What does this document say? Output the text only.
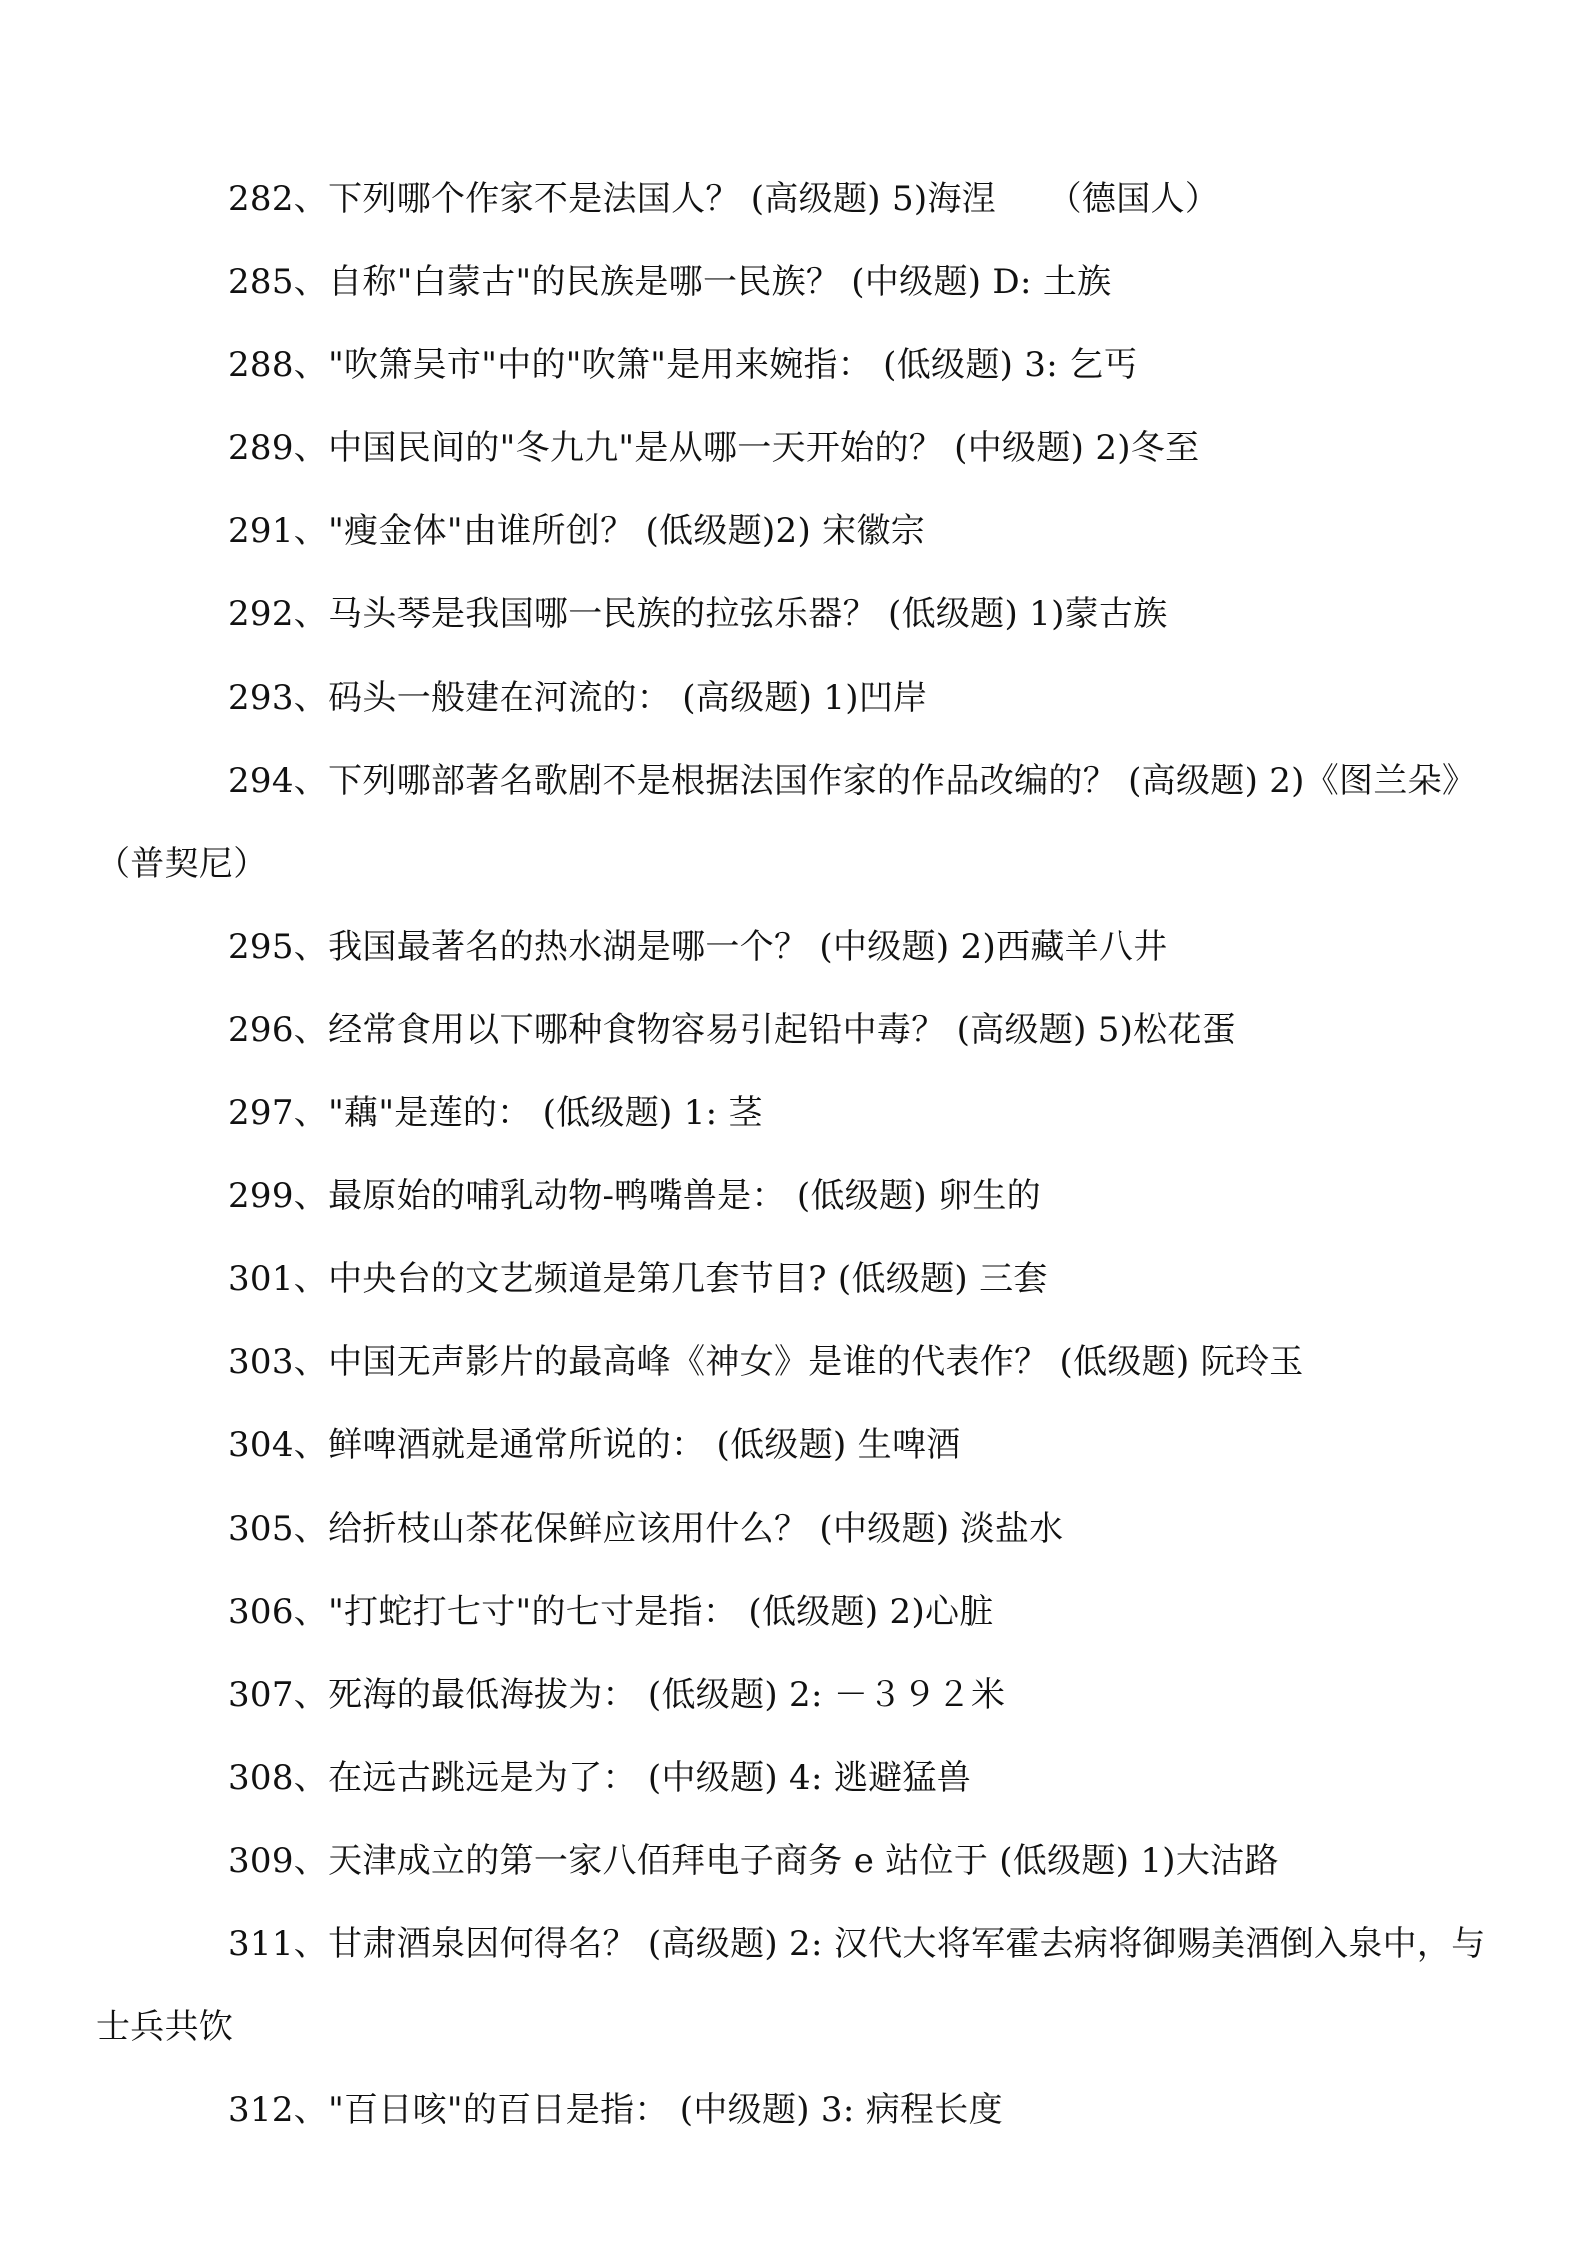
282、下列哪个作家不是法国人？ (高级题) 5)海涅　　（德国人）

285、自称"白蒙古"的民族是哪一民族？ (中级题) D: 土族

288、"吹箫吴市"中的"吹箫"是用来婉指： (低级题) 3: 乞丐

289、中国民间的"冬九九"是从哪一天开始的？ (中级题) 2)冬至

291、"瘦金体"由谁所创？ (低级题)2) 宋徽宗

292、马头琴是我国哪一民族的拉弦乐器？ (低级题) 1)蒙古族

293、码头一般建在河流的： (高级题) 1)凹岸

294、下列哪部著名歌剧不是根据法国作家的作品改编的？ (高级题) 2)《图兰朵》（普契尼）

295、我国最著名的热水湖是哪一个？ (中级题) 2)西藏羊八井

296、经常食用以下哪种食物容易引起铅中毒？ (高级题) 5)松花蛋

297、"藕"是莲的： (低级题) 1: 茎

299、最原始的哺乳动物-鸭嘴兽是： (低级题) 卵生的

301、中央台的文艺频道是第几套节目? (低级题) 三套

303、中国无声影片的最高峰《神女》是谁的代表作？ (低级题) 阮玲玉

304、鲜啤酒就是通常所说的： (低级题) 生啤酒

305、给折枝山茶花保鲜应该用什么？ (中级题) 淡盐水

306、"打蛇打七寸"的七寸是指： (低级题) 2)心脏

307、死海的最低海拔为： (低级题) 2: －３９２米

308、在远古跳远是为了： (中级题) 4: 逃避猛兽

309、天津成立的第一家八佰拜电子商务 e 站位于 (低级题) 1)大沽路

311、甘肃酒泉因何得名？ (高级题) 2: 汉代大将军霍去病将御赐美酒倒入泉中，与士兵共饮

312、"百日咳"的百日是指： (中级题) 3: 病程长度
